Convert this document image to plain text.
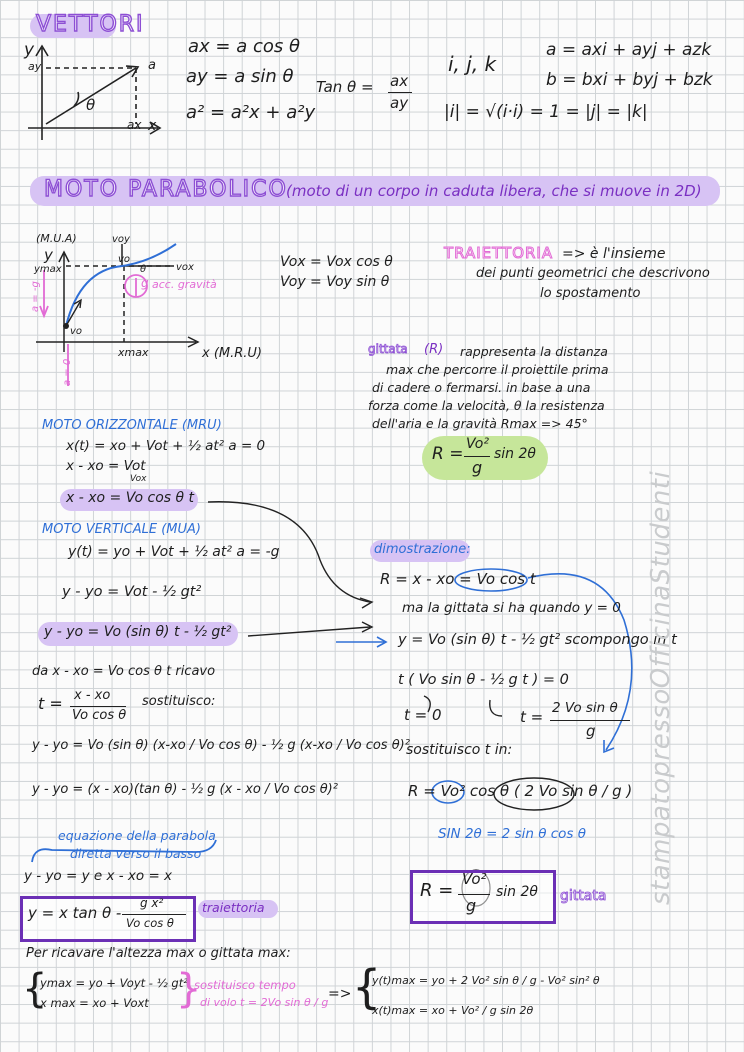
VETTORI
y
ay	a
θ
ax x
ax = a cos θ
ay = a sin θ
a² = a²x + a²y
Tan θ = ax
ay
i, j, k
a = axi + ayj + azk
b = bxi + byj + bzk
|i| = √(i·i) = 1 = |j| = |k|
MOTO PARABOLICO
(moto di un corpo in caduta libera, che si muove in 2D)
(M.U.A)
y
voy
vo
ymax	vox
θ
g acc. gravità
a = -g
vo
xmax	x (M.R.U)
a = 0
Vox = Vox cos θ
Voy = Voy sin θ
TRAIETTORIA => è l'insieme
dei punti geometrici che descrivono
lo spostamento
gittata (R) rappresenta la distanza
max che percorre il proiettile prima
di cadere o fermarsi. in base a una
forza come la velocità, θ la resistenza
dell'aria e la gravità Rmax => 45°
R = Vo²
g
sin 2θ
MOTO ORIZZONTALE (MRU)
x(t) = xo + Vot + ½ at² a = 0
x - xo = Vot
Vox
x - xo = Vo cos θ t
MOTO VERTICALE (MUA)
y(t) = yo + Vot + ½ at² a = -g
y - yo = Vot - ½ gt²
y - yo = Vo (sin θ) t - ½ gt²
da x - xo = Vo cos θ t ricavo
t = x - xo
Vo cos θ
sostituisco:
y - yo = Vo (sin θ) (x-xo / Vo cos θ) - ½ g (x-xo / Vo cos θ)²
y - yo = (x - xo)(tan θ) - ½ g (x - xo / Vo cos θ)²
equazione della parabola
diretta verso il basso
y - yo = y e x - xo = x
y = x tan θ -
g x²
Vo cos θ
traiettoria
dimostrazione:
R = x - xo = Vo cos t
ma la gittata si ha quando y = 0
y = Vo (sin θ) t - ½ gt² scompongo in t
t ( Vo sin θ - ½ g t ) = 0
t = 0	t = 2 Vo sin θ
g
sostituisco t in:
R = Vo² cos θ ( 2 Vo sin θ / g )
SIN 2θ = 2 sin θ cos θ
R =
Vo²
g
sin 2θ gittata
Per ricavare l'altezza max o gittata max:
{
ymax = yo + Voyt - ½ gt²
x max = xo + Voxt }
sostituisco tempo
di volo t = 2Vo sin θ / g
=> {
y(t)max = yo + 2 Vo² sin θ / g - Vo² sin² θ
x(t)max = xo + Vo² / g sin 2θ
stampatopressoOfficinaStudenti
